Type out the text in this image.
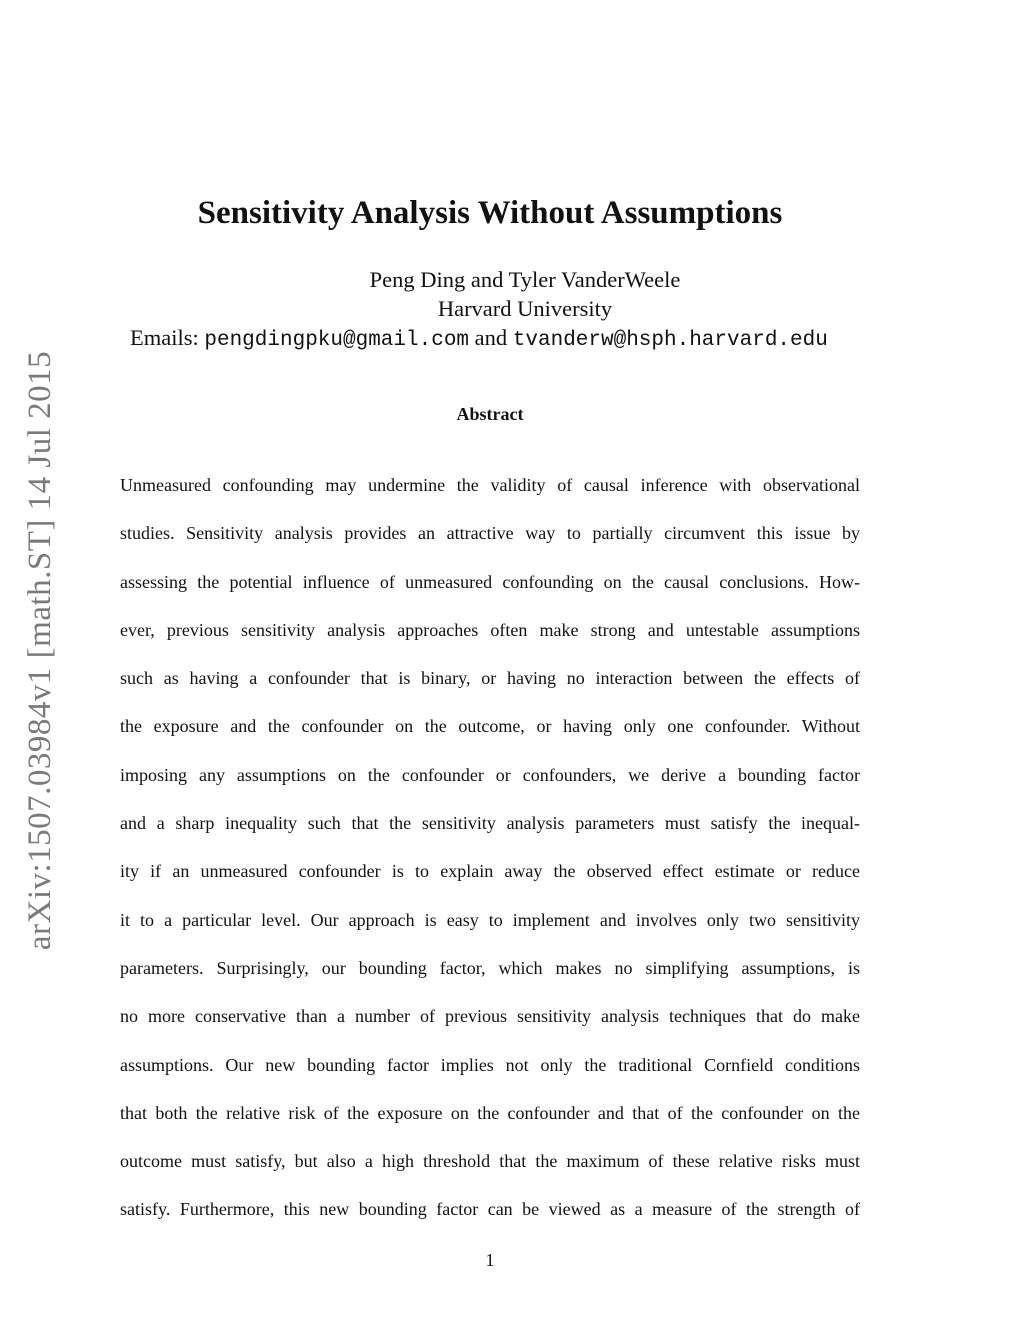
arXiv:1507.03984v1 [math.ST] 14 Jul 2015
Sensitivity Analysis Without Assumptions
Peng Ding and Tyler VanderWeele
Harvard University
Emails: pengdingpku@gmail.com and tvanderw@hsph.harvard.edu
Abstract
Unmeasured confounding may undermine the validity of causal inference with observational
studies. Sensitivity analysis provides an attractive way to partially circumvent this issue by
assessing the potential influence of unmeasured confounding on the causal conclusions. How-
ever, previous sensitivity analysis approaches often make strong and untestable assumptions
such as having a confounder that is binary, or having no interaction between the effects of
the exposure and the confounder on the outcome, or having only one confounder. Without
imposing any assumptions on the confounder or confounders, we derive a bounding factor
and a sharp inequality such that the sensitivity analysis parameters must satisfy the inequal-
ity if an unmeasured confounder is to explain away the observed effect estimate or reduce
it to a particular level. Our approach is easy to implement and involves only two sensitivity
parameters. Surprisingly, our bounding factor, which makes no simplifying assumptions, is
no more conservative than a number of previous sensitivity analysis techniques that do make
assumptions. Our new bounding factor implies not only the traditional Cornfield conditions
that both the relative risk of the exposure on the confounder and that of the confounder on the
outcome must satisfy, but also a high threshold that the maximum of these relative risks must
satisfy. Furthermore, this new bounding factor can be viewed as a measure of the strength of
1
